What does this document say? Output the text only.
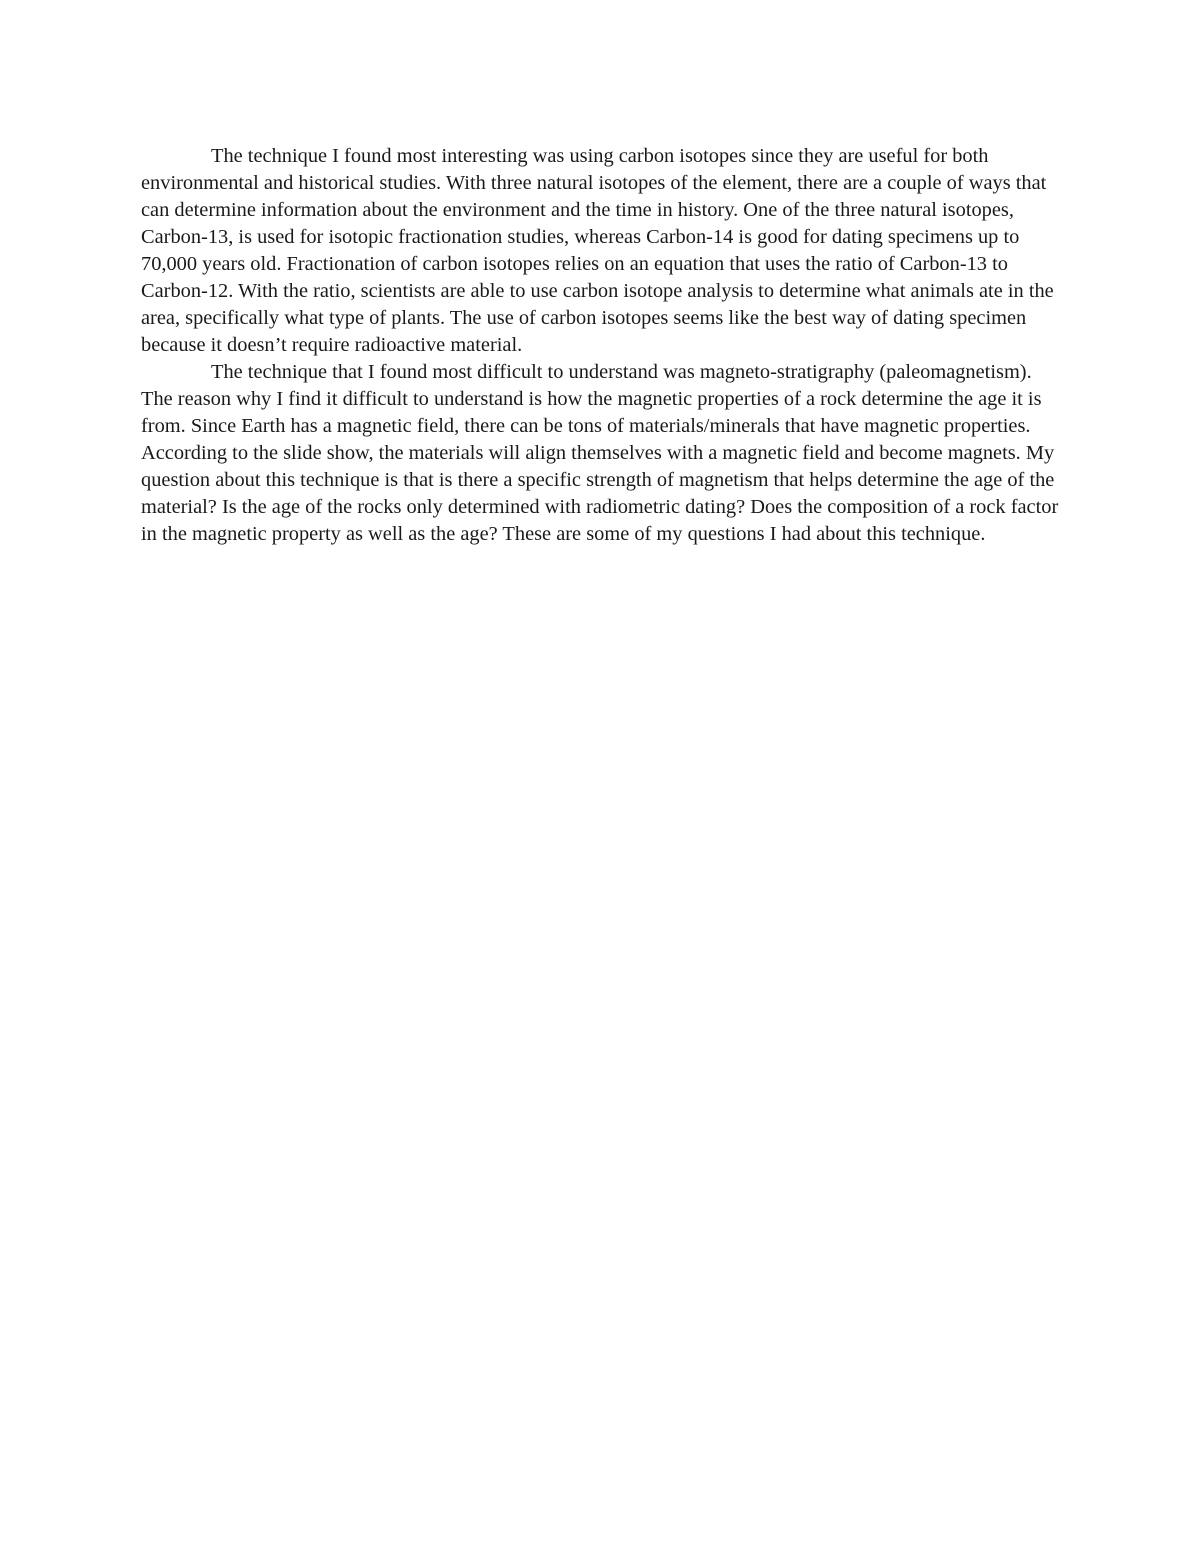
The technique I found most interesting was using carbon isotopes since they are useful for both environmental and historical studies. With three natural isotopes of the element, there are a couple of ways that can determine information about the environment and the time in history. One of the three natural isotopes, Carbon-13, is used for isotopic fractionation studies, whereas Carbon-14 is good for dating specimens up to 70,000 years old. Fractionation of carbon isotopes relies on an equation that uses the ratio of Carbon-13 to Carbon-12. With the ratio, scientists are able to use carbon isotope analysis to determine what animals ate in the area, specifically what type of plants. The use of carbon isotopes seems like the best way of dating specimen because it doesn’t require radioactive material.

The technique that I found most difficult to understand was magneto-stratigraphy (paleomagnetism). The reason why I find it difficult to understand is how the magnetic properties of a rock determine the age it is from. Since Earth has a magnetic field, there can be tons of materials/minerals that have magnetic properties. According to the slide show, the materials will align themselves with a magnetic field and become magnets. My question about this technique is that is there a specific strength of magnetism that helps determine the age of the material? Is the age of the rocks only determined with radiometric dating? Does the composition of a rock factor in the magnetic property as well as the age? These are some of my questions I had about this technique.
